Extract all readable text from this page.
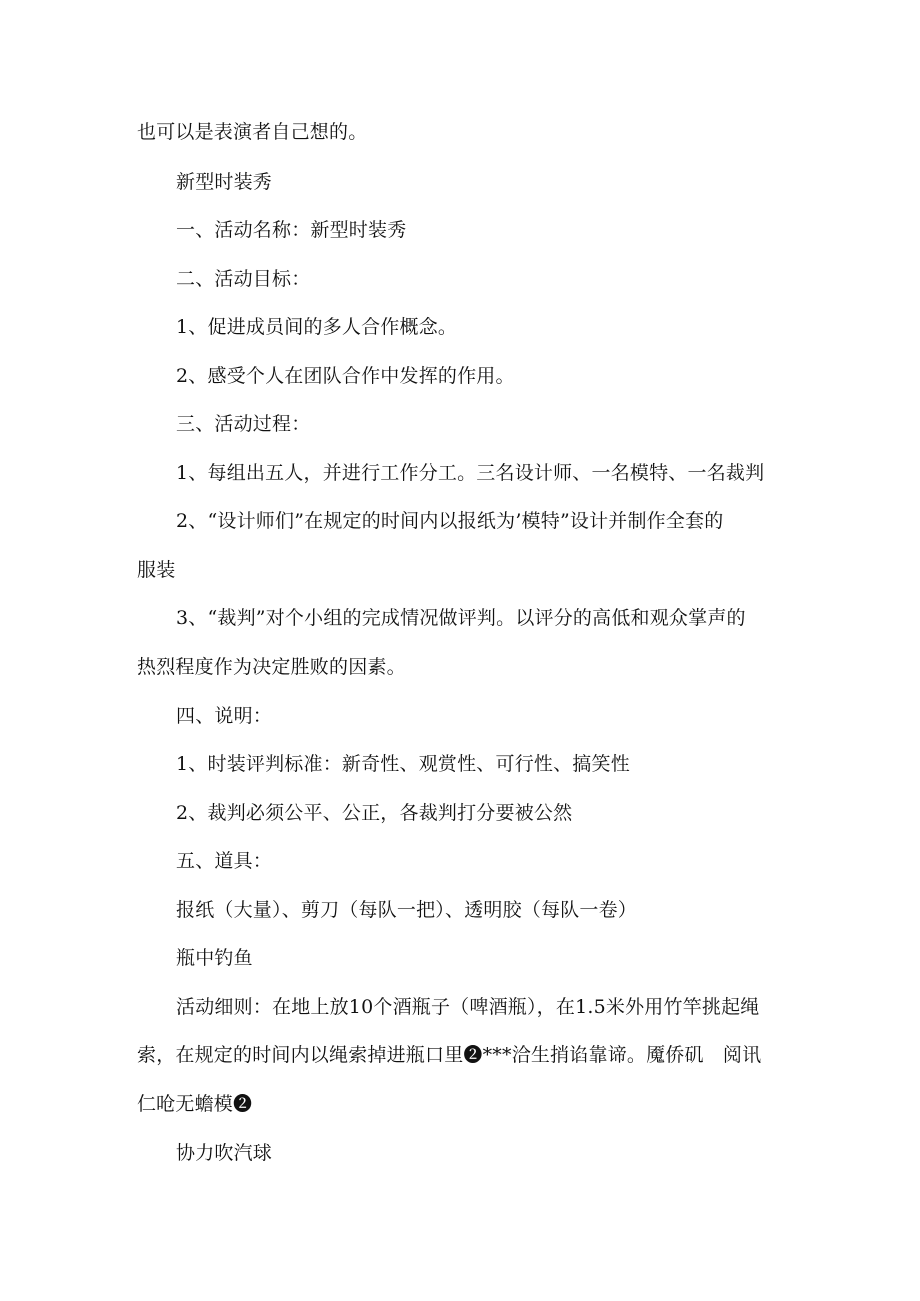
也可以是表演者自己想的。
新型时装秀
一、活动名称：新型时装秀
二、活动目标：
1、促进成员间的多人合作概念。
2、感受个人在团队合作中发挥的作用。
三、活动过程：
1、每组出五人，并进行工作分工。三名设计师、一名模特、一名裁判
2、“设计师们”在规定的时间内以报纸为’模特”设计并制作全套的
服装
3、“裁判”对个小组的完成情况做评判。以评分的高低和观众掌声的
热烈程度作为决定胜败的因素。
四、说明：
1、时装评判标准：新奇性、观赏性、可行性、搞笑性
2、裁判必须公平、公正，各裁判打分要被公然
五、道具：
报纸（大量）、剪刀（每队一把）、透明胶（每队一卷）
瓶中钓鱼
活动细则：在地上放10个酒瓶子（啤酒瓶），在1.5米外用竹竿挑起绳
索，在规定的时间内以绳索掉进瓶口里❷***洽生捎谄靠谛。魇侨矶　阅讯
仁呛无蟾模❷
协力吹汽球
